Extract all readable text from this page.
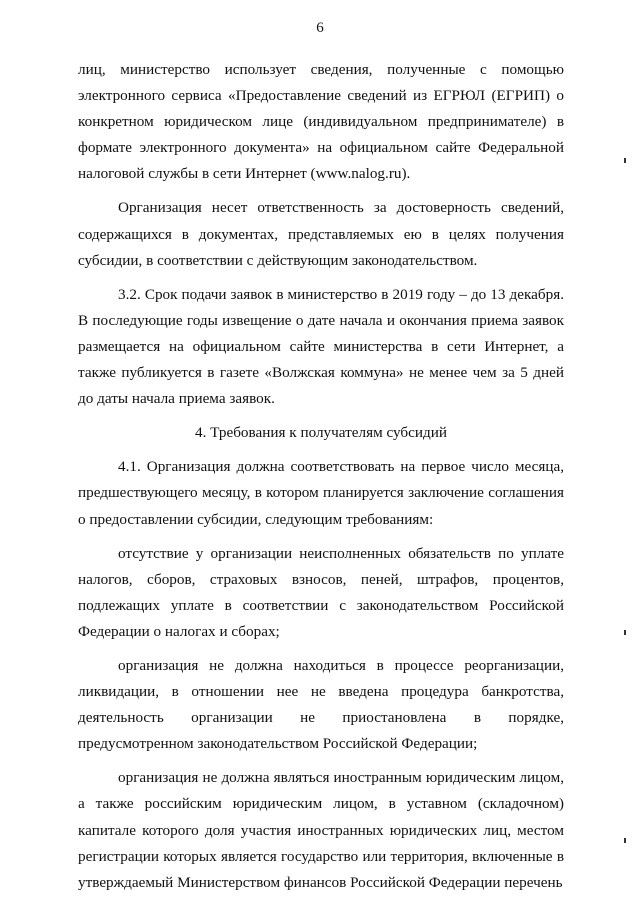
6

лиц, министерство использует сведения, полученные с помощью электронного сервиса «Предоставление сведений из ЕГРЮЛ (ЕГРИП) о конкретном юридическом лице (индивидуальном предпринимателе) в формате электронного документа» на официальном сайте Федеральной налоговой службы в сети Интернет (www.nalog.ru).

Организация несет ответственность за достоверность сведений, содержащихся в документах, представляемых ею в целях получения субсидии, в соответствии с действующим законодательством.

3.2. Срок подачи заявок в министерство в 2019 году – до 13 декабря. В последующие годы извещение о дате начала и окончания приема заявок размещается на официальном сайте министерства в сети Интернет, а также публикуется в газете «Волжская коммуна» не менее чем за 5 дней до даты начала приема заявок.

4. Требования к получателям субсидий

4.1. Организация должна соответствовать на первое число месяца, предшествующего месяцу, в котором планируется заключение соглашения о предоставлении субсидии, следующим требованиям:

отсутствие у организации неисполненных обязательств по уплате налогов, сборов, страховых взносов, пеней, штрафов, процентов, подлежащих уплате в соответствии с законодательством Российской Федерации о налогах и сборах;

организация не должна находиться в процессе реорганизации, ликвидации, в отношении нее не введена процедура банкротства, деятельность организации не приостановлена в порядке, предусмотренном законодательством Российской Федерации;

организация не должна являться иностранным юридическим лицом, а также российским юридическим лицом, в уставном (складочном) капитале которого доля участия иностранных юридических лиц, местом регистрации которых является государство или территория, включенные в утверждаемый Министерством финансов Российской Федерации перечень
